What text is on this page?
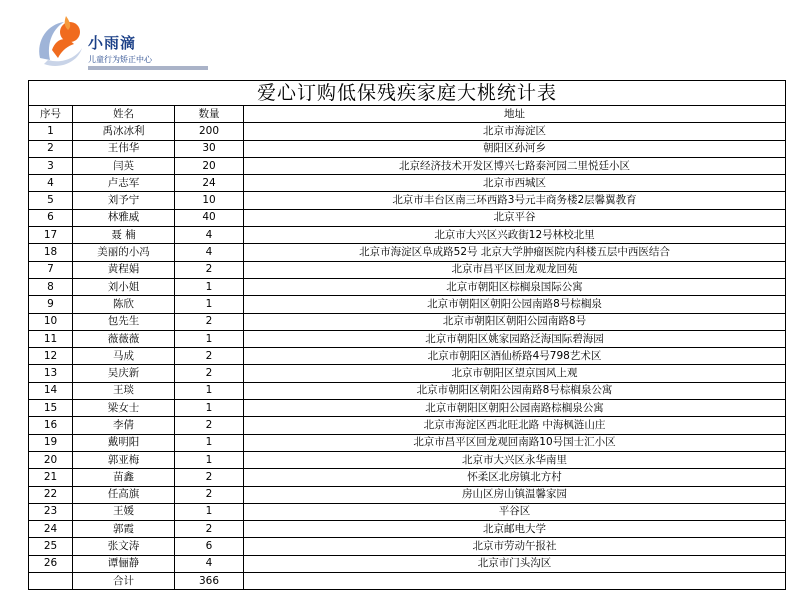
小雨滴
儿童行为矫正中心
爱心订购低保残疾家庭大桃统计表			
序号	姓名	数量	地址
1	禹冰冰利	200	北京市海淀区
2	王伟华	30	朝阳区孙河乡
3	闫英	20	北京经济技术开发区博兴七路泰河园二里悦廷小区
4	卢志军	24	北京市西城区
5	刘予宁	10	北京市丰台区南三环西路3号元丰商务楼2层馨翼教育
6	林雅威	40	北京平谷
17	聂 楠	4	北京市大兴区兴政街12号林校北里
18	美丽的小冯	4	北京市海淀区阜成路52号 北京大学肿瘤医院内科楼五层中西医结合
7	黄程娟	2	北京市昌平区回龙观龙回苑
8	刘小姐	1	北京市朝阳区棕榈泉国际公寓
9	陈欣	1	北京市朝阳区朝阳公园南路8号棕榈泉
10	包先生	2	北京市朝阳区朝阳公园南路8号
11	薇薇薇	1	北京市朝阳区姚家园路泛海国际碧海园
12	马成	2	北京市朝阳区酒仙桥路4号798艺术区
13	吴庆新	2	北京市朝阳区望京国风上观
14	王琰	1	北京市朝阳区朝阳公园南路8号棕榈泉公寓
15	梁女士	1	北京市朝阳区朝阳公园南路棕榈泉公寓
16	李倩	2	北京市海淀区西北旺北路 中海枫涟山庄
19	戴明阳	1	北京市昌平区回龙观回南路10号国士汇小区
20	郭亚梅	1	北京市大兴区永华南里
21	苗鑫	2	怀柔区北房镇北方村
22	任高旗	2	房山区房山镇温馨家园
23	王媛	1	平谷区
24	郭霞	2	北京邮电大学
25	张文涛	6	北京市劳动午报社
26	谭俪静	4	北京市门头沟区
	合计	366	
